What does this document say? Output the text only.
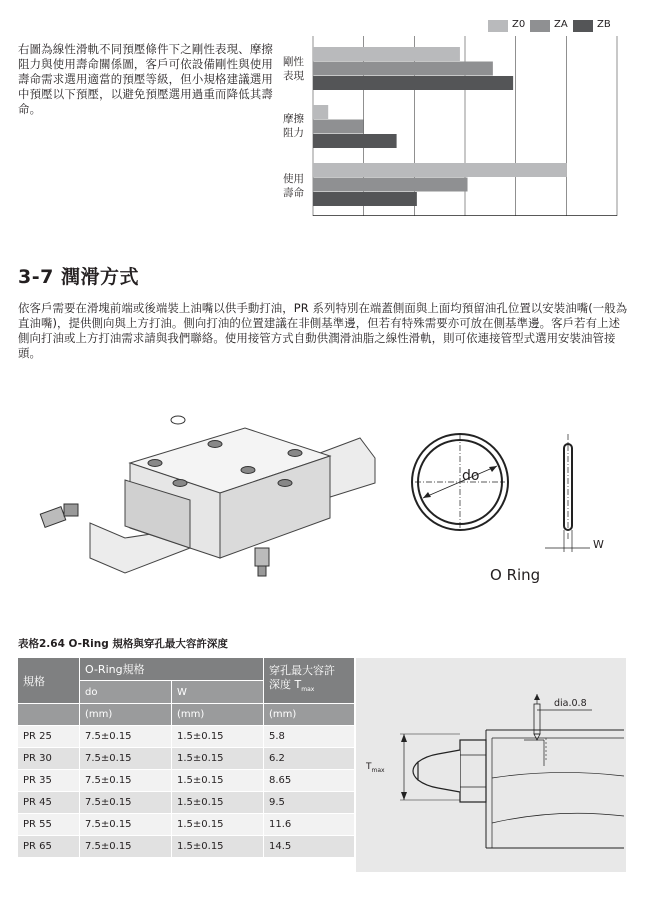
右圖為線性滑軌不同預壓條件下之剛性表現、摩擦阻力與使用壽命關係圖，客戶可依設備剛性與使用壽命需求選用適當的預壓等級，但小規格建議選用中預壓以下預壓，以避免預壓選用過重而降低其壽命。
Z0	ZA	ZB
剛性表現
摩擦阻力
使用壽命
3-7 潤滑方式
依客戶需要在滑塊前端或後端裝上油嘴以供手動打油，PR 系列特別在端蓋側面與上面均預留油孔位置以安裝油嘴(一般為直油嘴)，提供側向與上方打油。側向打油的位置建議在非側基準邊，但若有特殊需要亦可放在側基準邊。客戶若有上述側向打油或上方打油需求請與我們聯絡。使用接管方式自動供潤滑油脂之線性滑軌，則可依連接管型式選用安裝油管接頭。
do
W
O Ring
表格2.64 O-Ring 規格與穿孔最大容許深度
規格	O-Ring規格		穿孔最大容許
深度 $T_{max}$
	do	W	
	(mm)	(mm)	(mm)
PR 25	7.5±0.15	1.5±0.15	5.8
PR 30	7.5±0.15	1.5±0.15	6.2
PR 35	7.5±0.15	1.5±0.15	8.65
PR 45	7.5±0.15	1.5±0.15	9.5
PR 55	7.5±0.15	1.5±0.15	11.6
PR 65	7.5±0.15	1.5±0.15	14.5
dia.0.8
$T_{max}$
